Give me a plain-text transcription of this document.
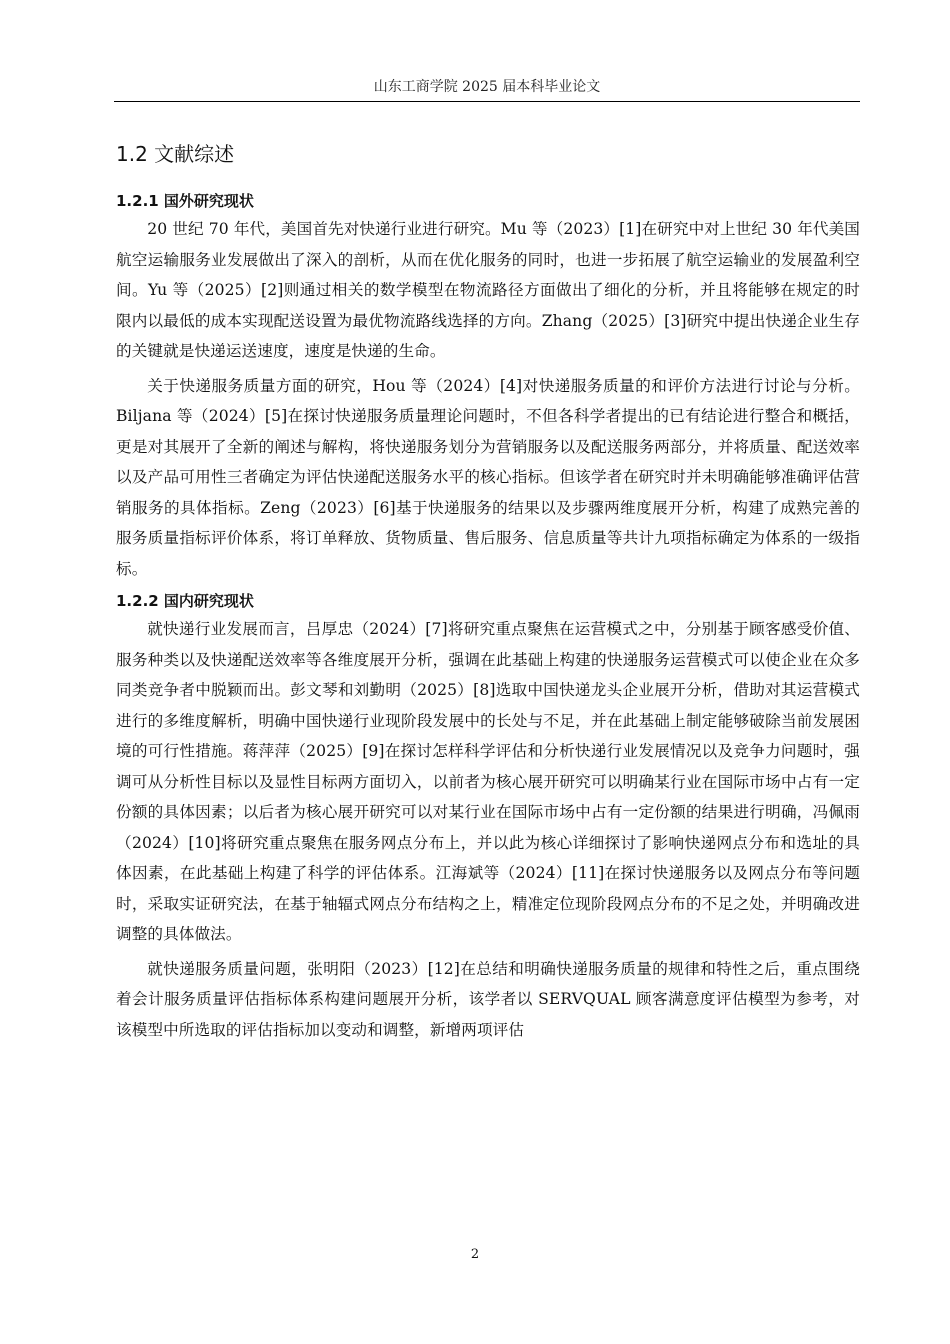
山东工商学院 2025 届本科毕业论文
1.2 文献综述
1.2.1 国外研究现状

20 世纪 70 年代，美国首先对快递行业进行研究。Mu 等（2023）[1]在研究中对上世纪 30 年代美国航空运输服务业发展做出了深入的剖析，从而在优化服务的同时，也进一步拓展了航空运输业的发展盈利空间。Yu 等（2025）[2]则通过相关的数学模型在物流路径方面做出了细化的分析，并且将能够在规定的时限内以最低的成本实现配送设置为最优物流路线选择的方向。Zhang（2025）[3]研究中提出快递企业生存的关键就是快递运送速度，速度是快递的生命。

关于快递服务质量方面的研究，Hou 等（2024）[4]对快递服务质量的和评价方法进行讨论与分析。Biljana 等（2024）[5]在探讨快递服务质量理论问题时，不但各科学者提出的已有结论进行整合和概括，更是对其展开了全新的阐述与解构，将快递服务划分为营销服务以及配送服务两部分，并将质量、配送效率以及产品可用性三者确定为评估快递配送服务水平的核心指标。但该学者在研究时并未明确能够准确评估营销服务的具体指标。Zeng（2023）[6]基于快递服务的结果以及步骤两维度展开分析，构建了成熟完善的服务质量指标评价体系，将订单释放、货物质量、售后服务、信息质量等共计九项指标确定为体系的一级指标。

1.2.2 国内研究现状

就快递行业发展而言，吕厚忠（2024）[7]将研究重点聚焦在运营模式之中，分别基于顾客感受价值、服务种类以及快递配送效率等各维度展开分析，强调在此基础上构建的快递服务运营模式可以使企业在众多同类竞争者中脱颖而出。彭文琴和刘勤明（2025）[8]选取中国快递龙头企业展开分析，借助对其运营模式进行的多维度解析，明确中国快递行业现阶段发展中的长处与不足，并在此基础上制定能够破除当前发展困境的可行性措施。蒋萍萍（2025）[9]在探讨怎样科学评估和分析快递行业发展情况以及竞争力问题时，强调可从分析性目标以及显性目标两方面切入，以前者为核心展开研究可以明确某行业在国际市场中占有一定份额的具体因素；以后者为核心展开研究可以对某行业在国际市场中占有一定份额的结果进行明确，冯佩雨（2024）[10]将研究重点聚焦在服务网点分布上，并以此为核心详细探讨了影响快递网点分布和选址的具体因素，在此基础上构建了科学的评估体系。江海斌等（2024）[11]在探讨快递服务以及网点分布等问题时，采取实证研究法，在基于轴辐式网点分布结构之上，精准定位现阶段网点分布的不足之处，并明确改进调整的具体做法。

就快递服务质量问题，张明阳（2023）[12]在总结和明确快递服务质量的规律和特性之后，重点围绕着会计服务质量评估指标体系构建问题展开分析，该学者以 SERVQUAL 顾客满意度评估模型为参考，对该模型中所选取的评估指标加以变动和调整，新增两项评估

2
